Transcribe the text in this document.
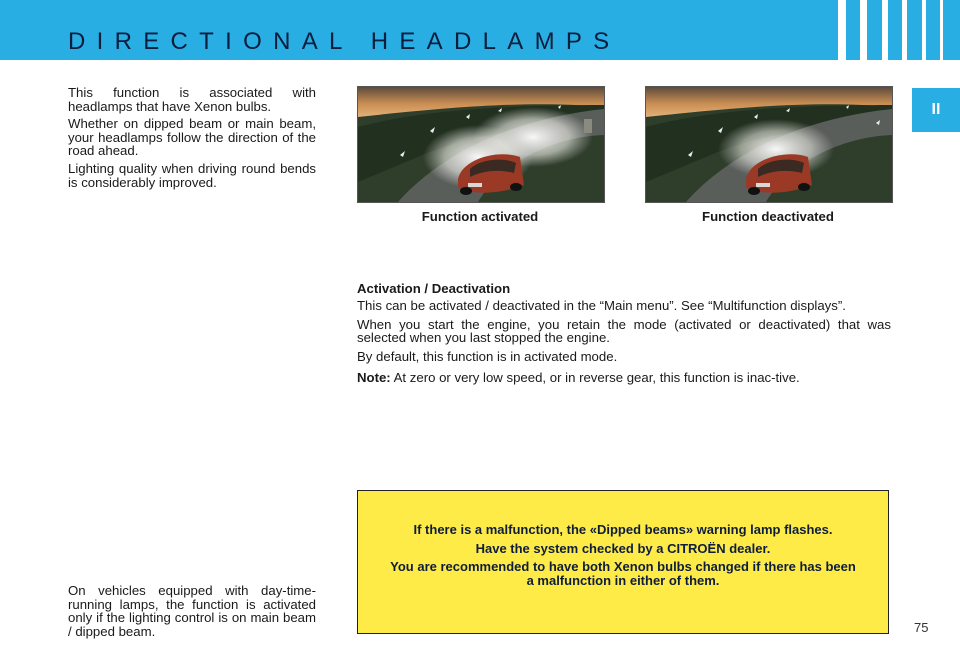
DIRECTIONAL HEADLAMPS
II

This function is associated with headlamps that have Xenon bulbs.

Whether on dipped beam or main beam, your headlamps follow the direction of the road ahead.

Lighting quality when driving round bends is considerably improved.

On vehicles equipped with day-time-running lamps, the function is activated only if the lighting control is on main beam / dipped beam.

Function activated	Function deactivated
Activation / Deactivation

This can be activated / deactivated in the “Main menu”. See “Multifunction displays”.

When you start the engine, you retain the mode (activated or deactivated) that was selected when you last stopped the engine.

By default, this function is in activated mode.

Note: At zero or very low speed, or in reverse gear, this function is inac-tive.

If there is a malfunction, the «Dipped beams» warning lamp flashes.

Have the system checked by a CITROËN dealer.

You are recommended to have both Xenon bulbs changed if there has been a malfunction in either of them.

75
